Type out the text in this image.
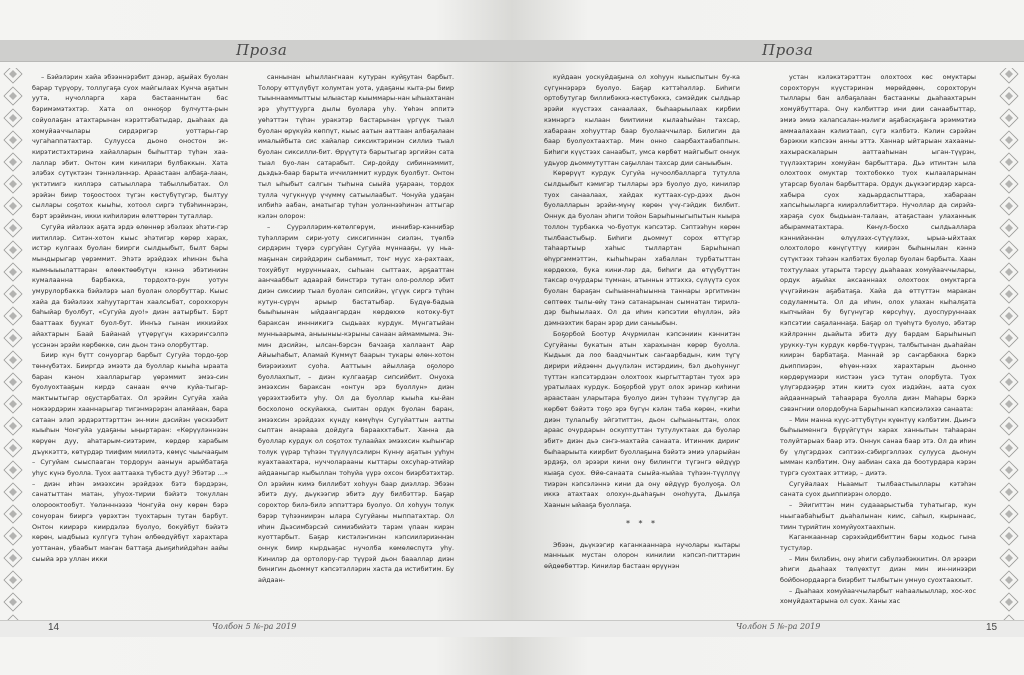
Проза

– Бэйэлэрин хайа эбээннэрэбит дэнэр, аҕыйах буолан барар түрүору, толлугаҕа суох майгылаах Кунча аҕатын уута, нучолларга хара бастааннытан бас бэримэмэтэхтэр. Хата ол онноҕор булчутта-рын сойуолаҕан атахтарынан кэрэттэбатыдар, дьаһаах да хомуйааччылары сирдэригэр уоттары-гар чугаһаппатахтар. Сулуусса дьоно оностон эк-кирэтистэхтэринэ хайалларын быһыттар түһэн хаа-лаллар эбит. Онтон ким кинилэри булбаккын. Хата элэбэх сүтүктээн тэннэлэннэр. Араастаан албаҕа-лаан, үктэтиигэ киллэрэ сатыыллара табыллыбатах. Ол эрэйэн биир тоҕоостоох түгэн көстүбүтүгэр, былтуу сыллары соҕотох кыыһы, хотоол сиргэ түбэһиннэрэн, бэрт эрэйинэн, икки киһилэрин өлөттөрөн туталлар.

Сугуйа ийэлээх аҕата эрдэ өлөннөр эбэлээх эһэти-гэр иитиллэр. Ситэн-хотон кыыс эһэтигэр көрөр харах, истэр кулгаах буолан биирги сылдьыбыт, былт бары мындырыгар үөрэммит. Эһэтэ эрэйдээх иһинэн бьһа кымныыылаттаран өлөөктөөбүтүн кэннэ эбэтиниэн кумалаанна барбакка, тордохто-рун уотун умурулорбакка бэйэлэрэ ыал буолан олорбуттар. Кыыс хайа да бэйэлээх хаһуутаргтан хаалсыбат, сороххорун баһыйар буолбут, «Сугуйа дуо!» диэн аатырбыт. Бэрт бааттаах буукат буол-бут. Иннъэ гынан иккиэйэх айахтарын Баай Байанай үтүөрүгүн кэхэриҥсэлпэ үссэнэн эрэйи көрбөккө, син дьон тэнэ олорбуттар.

Биир күн бүтт сонуоргар барбыт Сугуйа тордо-ҕор төннүбэтэх. Бииргдэ эмээтэ да буоллар кыыһа ыраата баран кэнон хаалларыгар үөрэммит эмээ-син буолуохтааҕын кирдэ санаан өччө куйа-тыгар-мактыытыгар оҕустарбатах. Ол эрэйин Сугуйа хайа нокээрдэрин хааннарыгар тигэнмэрэрэн аламйаан, бара сатаан элэп эрдэрэттэрттэн эн-мин дэсийэн үөскээбит кыыһын Чонгуйа удаҕаны ыңыртаран: «Көрүүлэннээн көрүөн дуу, аһатарым-сиэтэрим, көрдөр харабым дъүккэттэ, көтүрдэр тиифим миилэтэ, көмүс чыычааҕым – Сугуйам сыыспааган тордорун ааныун арыйбатаҕа уһус күнэ буолла. Туох ааттааха түбэстэ дуу? Эбэтэр …» – диэн иһэн эмээхсин эрэйдээх бэтэ бэрдэрэн, санатыттан матан, уһуох-тирии бэйэтэ токуллан олорооктообут. Үөлэнннээээ Чонгуйа ону көрөн бэрэ сонуоран бииргэ үөрэхтэн туохтарын тутан барбут. Онтон киирэрэ киирдэлээ буолуо, бокуйбут бэйэтэ көрөн, ыадбыыз кулгүгэ түһэн өлбөедүйбүт харахтара уоттанан, убаабыт маҥан баттаҕа дьиҕиһийдэһэн аайы сыыйа эрэ уллан икки

саннынан ыһыллаҥнаан кутуран куйҕутан барбыт. Толору өттүлүбүт холумтан уота, удаҕаны кыта-ры биир тыыннааммыттыы ылыастар кыыммары-нан ыһыахтанан эрэ уһуттуурга дылы буолара уһу. Үөһэн эппитэ уөһэттэн түһэн уракэтэр бастарынан үргүүк тыал буолан өрүкүйэ көппүт, кыыс аатын ааттаан албаҕалаан ималыйбыта сис хайалар сиксиктэринэн силлиэ тыал буолан сиксилли-бит. Өрүүтүтэ барытыгар эргийэн сата тыал буо-лан сатарабыт. Сир-дойду сибиннэммит, дьэдьэ-баар барыта иччилэммит курдук буолбут. Онтон тыл ыһыбыт салгын тыһына сыыйа уҕараан, тордох тулла чугүкнүүр үчүммү сатыылаабыт. Чонуйа удаҕан илбиһэ аабан, аматыгар түһэн уолэннээһинэн аттыгар кэлэн олорон:

– Суурэллэрим-көтөлгөрүм, иннибэр-кэннибэр түһэллэрим сири-уоту сиксигиннэн сиэлэн, түөлбэ сирдэрин түөрэ сургуйан Сугуйа мүннааҕы, үу ньа-маҕынан сирэйдэрин сыбаммыт, тоҥ муус ха-рахтаах, тохуйбут мурунныаах, сыһыан сыттаах, арҕааттан аанчааббыт адаарай бинстэрэ тутан оло-роллор эбит диэн сиксиир тыал буолан сипсийэн, үгүүк сиргэ түһэн кутун-сүрүн арыыр бастатыбар. Бүдүө-бадыа быыһыынан ыйдаангардан көрдөххө котоку-бут бараксан иннникигэ сыдьаах курдук. Мүнгатыйан мунньаарыма, аныыныы-кэрыны санаан аймаммыма. Эн-мин дэсийэн, ылсан-бэрсэн бачзаҕа халлаант Аар Айыыһабыт, Аламай Күммүт баарын тукары өлөн-хотон биэрэиэхит суоһа. Ааттыын айыллаҕа оҕолоро буоллахпыт, – диэн кулгааҕар сипсийбит. Онуоха эмээхсин бараксан «онтун эрэ буоллун» диэн үөрээхтээбитэ уһу. Ол да буоллар кыыһа кы-йан босхолоно оскуйакка, сыитан ордук буолан баран, эмээхсин эрэйдээх күндү көмүһүн Сугүйаттын аатты сыптан анарааа дойдуга барааххтабыт. Ханна да буоллар курдук ол соҕотох тулаайах эмээхсин кыһыҥар толук үүрар түһээн түүлүүлсэлирн Күнну аҕатын уүһун куахтааахтара, нуччоларааны кыттары охсуһар-этийэр айдааныгар кыбыллан тоһуйа үүрэ охсон биэрбэтэхтэр. Ол эрэйин кимэ биллибэт хоһуун баар диэллэр. Эбээн эбитэ дуу, дьүкээгир эбитэ дуу билбэттэр. Баҕар сорохтор билэ-билэ эппэттэрэ буолуо. Ол хоһуун толук бэрэр түһээниирэн ылара Сугуйаны мыппатахтар. Ол иһин Дьэсимбэрсэй симиэбийэтэ тарэм үпаан кирэн куоттарбыт. Баҕар кистэлэҥинэн кэпсиилэриэннэн оннук биир кырдьаҕас нучолба көмөлөспүтэ уһу. Кинилэр да ортолору-гар түүрэй дьон баааллар диэн бинигин дьоммут кэпсэтэллэрин хаста да истибитим. Бу айдаан-

14	Чолбон 5 №-ра 2019
Проза

куйдаан уоскуйдаҕына ол хоһуун кыыспытын бу-ка сүгүннэрэрэ буолуо. Баҕар кэттэһэллэр. Биһиги ортобутугар биллибэккэ-көстүбэккэ, сэмэйдик сылдьар эрэйи күүстээх санаалаах, быһаарыылаах кирбии кэмнэргэ кылаан биитиини кылааһыйан тахсар, хабараан хоһууттар баар буолааччылар. Билигин да баар буолуохтаахтар. Мин онно саарбахтаабаппын. Биһиги күүстээх санаабыт, умса көрбөт майгыбыт оннук удьуор дьоммутуттан саҕыллан тахсар дии саныыбын.

Көрөрүүт курдук Сугуйа нучоолбалларга тутулла сылдьыбыт кэмигэр тыллары эрэ буолуо дуо, кинилэр туох санаалаах, хайдах куттаах-сүр-дээх дьон буолалларын эрэйи-мүнү көрөн үчү-гэйдик билбит. Оннук да буолан эһиги тойон Барыһыныгыпытын кыыра толлон турбакка чо-буотук кэпсэтэр. Сэптээһун көрөн тылбаастыбыр. Биһиги дьоммут сорох өттүгэр таһаартыыр хаһыс тыллартан Барыһынап өһүргэммэттэн, кыһыһыран хабаллан турбатыттан көрдөххө, бука кини-лэр да, биһиги да өтүүбүттэн таксар очурдары түмнан, атынньн эттэххэ, сүлүүтэ суох буолан бараҕан сыһыаннаһыынна таннары эргитинэн сөптөөх тылы-өйү тэнэ сатанарынан сымнатан тирилэ-дэр быһыылаах. Ол да иһин кэпсэтии өһүллэн, эйэ дэмнээхтик баран эрэр дии саныыбын.

Боҕорбой Боотур Ачурмилан кэпсэниин кэннитэн Сугуйаны букатын атын харахынан көрөр буолла. Кыдьык да лоо баадчынтык саҥаарбадын, ким түгү дирири ийдэөнн дьүүлэлэн истэрдиин, бэл дьоһуннуг түттэн кэпсэтэрдээн олохтоох кыргыттартан туох эрэ уратылаах курдук. Боҕорбой урут олох эринэр киһини араастаан уларытара буолуо диэн түһээн түүлүгэр да көрбөт бэйэтэ тоҕо эрэ бүгүн кэлэн таба көрөн, «киһи диэн тулалыбу эйгэтиттэн, дьон сыһыаныттан, олох араас очурдарын оскуптуттан тутулуктаах да буолар эбит» диэн дьэ сэҥэ-махтайа санаата. Итинник дириҥ быһаарыыта киирбит буоллаҕына бэйэтэ эмиэ уларыйан эрдэҕэ, ол эрээри кини ону билингги түгэнгэ өйдүүр кыаҕа суох. Өйө-санаата сыыйа-кыйаа түһээн-түүллүү тиэрэн кэпсэлэннэ кини да ону өйдүүр буолуоҕа. Ол иккэ атахтаах олохун-дьаһаҕын оноһуута, Дьылҕа Хаанын ыйааҕа буоллаҕа.

* * *

Эбээн, дьүкээгир каганкааннара нучолары кытары манньык мустан олорон кинилии кэпсэп-питтэрин өйдөөбөттэр. Кинилэр бастаан өрүүнэн

устан кэлэкэтэрэттэн олохтоох көс омуктары сорохторун күүстэринэн мөрөйдөөн, сорохторун тыллары бан албаҕалаан бастаанкы дьаһаахтарын хомуйбуттара. Ону кэлбиттэр ини дии санаабыттар, эмиэ эмиэ халапсалан-мэлиги аҕабасқаҕаҥа эрэммэтиэ аммаалахаан кэлиэтаап, сүгэ кэлбэтэ. Кэлин сэрэйэн бэрэкки кэпсээн анны эттэ. Ханнар ыйтарыан хахааны-хахыраскаларын ааттааһынан ыган-түүрэн, түүлээхтэрин хомуйан барбыттара. Дьэ итинтэн ыла олохтоох омуктар тохтобокко туох кылааларынан утарсар буолан барбыттара. Ордук дьүкээгирдэр харса-хабыра суох хадьардаспыттара, хабараан хапсыһыыларга киирэллэбиттэрэ. Нучоллар да сирэйэ-хараҕа суох быдьыан-талаан, атаҕастаан улаханнык абырамматахтара. Көнүл-босхо сылдьаллара кэннийэннэн өлүүлээх-сүтүүлээх, ырыа-ыйхтаах олохтолоро көнүгүттүү киирэн быһынылан кэннэ сүтүктээх тэһээн кэлбэтэх буолар буолан барбыта. Хаан тохтуулаах утарыта тэрсүү дьаһааах хомуйааччылары, ордук аҕыйах аксааннаах олохтоох омуктарга үчүгэйинэн аҕабатаҕа. Хайа да өттүттэн маракан содуламмыта. Ол да иһин, олох улахан кыһалҕата кыпчыйан бу бүгүнүгэр көрсүһүү, дуоспуруннаах кэпсэтии саҕаланнаҕа. Баҕар ол түөһүтэ буолуо, эбэтэр кэйлрэннн дьайыта эбитэ дуу бардам Барыһынып урукку-тун курдук көрбө-түүрэн, талбытынан дьаһайан киирэн барбатаҕа. Маннай эр саҥарбакка бэркэ дьиппиэрэн, өһүөн-нээх харахтарын дьонно көрдөрүмээри кистээн уэсэ тутан олорбута. Туох үлүгэрдээҕэр этин киитэ суох иэдэйэн, аата суох айдааннарый таһаарара буолла диэн Маһары бэркэ сэвэнгнии олордобуна Барыһынап кэпсиэлэхээ санаата:

– Мин манна күүс-эттүбүтүн күөнтүү кэлбэтим. Дьиҥэ быһыыменнгэ бүрүйгүтүн харах ханнытын таһааран толуйтарыах баар этэ. Оннук санаа баар этэ. Ол да иһин бу үлүгэрдээх сэптээх-сэбиргэллээх сулууса дьонун ымман кэлбэтим. Ону аабиан саха да боотурдара кэрэн түргэ суохтаах эттиэр, – диэтэ.

Сугуйалаах Ньаамыт тылбаастыыллары кэтэһэн саната суох дьиппиэрэн олордо.

– Эйигиттэн мин судааарыстыба туһатыгар, кун ньыгаабаһыбыт дьаһалынан киис, саһыл, кырынаас, тиин түрийтин хомуйуохтаахпын.

Каганкааннар сэрэхэйдиббиттин бары ходьос гына тустулэр.

– Мин билэбин, онy эһиги сэбулээбэккитин. Ол эрээри эһиги дьаһаах төлүөхтүт диэн мин ин-нинээри бойбонордаарга биэрбит тылбытын умнуо суохтааххыт.

– Дьаһаах хомуйааччыларбыт наһаалыыллар, хос-хос хомуйдахтарына ол суох. Ханы хас

15
Чолбон 5 №-ра 2019
